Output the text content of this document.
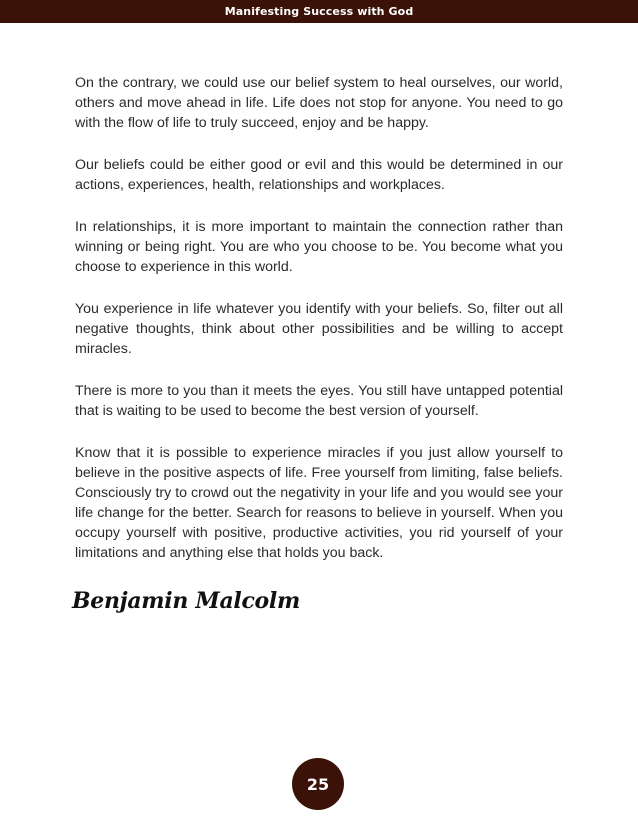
Manifesting Success with God

On the contrary, we could use our belief system to heal ourselves, our world, others and move ahead in life. Life does not stop for anyone. You need to go with the flow of life to truly succeed, enjoy and be happy.

Our beliefs could be either good or evil and this would be determined in our actions, experiences, health, relationships and workplaces.

In relationships, it is more important to maintain the connection rather than winning or being right. You are who you choose to be. You become what you choose to experience in this world.

You experience in life whatever you identify with your beliefs. So, filter out all negative thoughts, think about other possibilities and be willing to accept miracles.

There is more to you than it meets the eyes. You still have untapped potential that is waiting to be used to become the best version of yourself.

Know that it is possible to experience miracles if you just allow yourself to believe in the positive aspects of life. Free yourself from limiting, false beliefs. Consciously try to crowd out the negativity in your life and you would see your life change for the better. Search for reasons to believe in yourself. When you occupy yourself with positive, productive activities, you rid yourself of your limitations and anything else that holds you back.

Benjamin Malcolm
25
